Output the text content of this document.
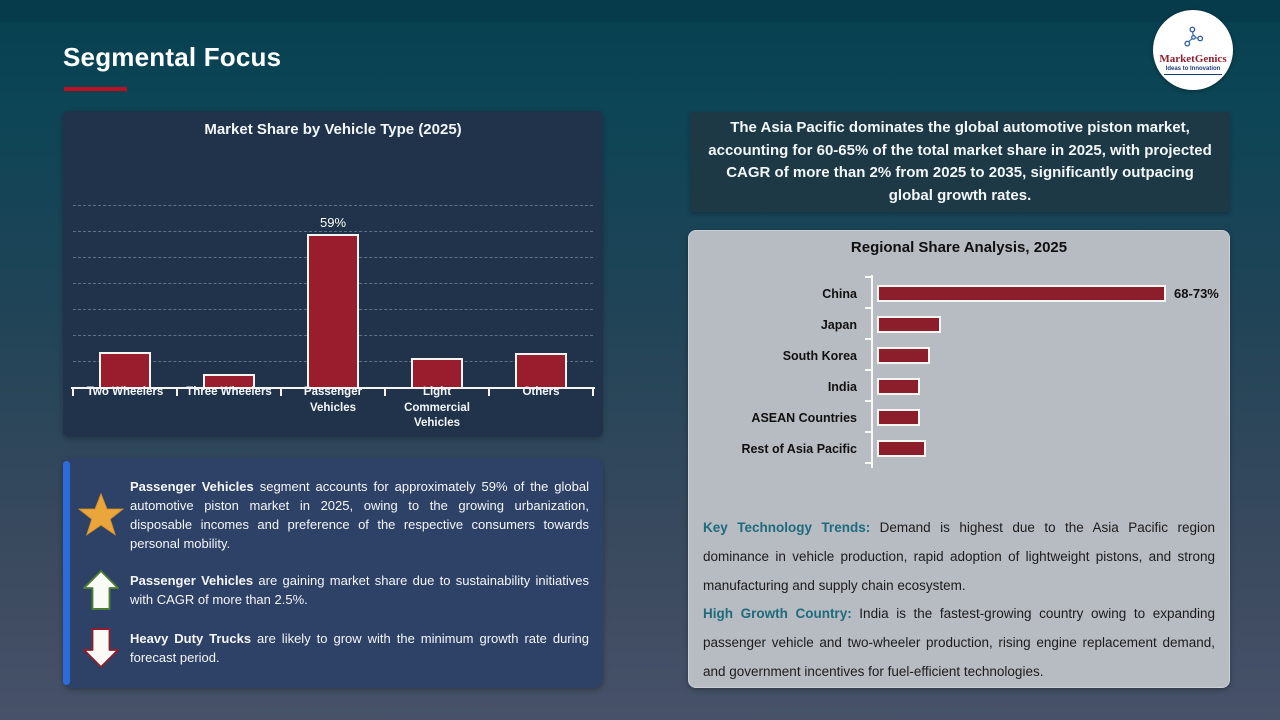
Segmental Focus	MarketGenics
Ideas to Innovation
Market Share by Vehicle Type (2025)
59%
Two Wheelers	Three Wheelers	Passenger Vehicles
Light Commercial Vehicles
Others
Passenger Vehicles segment accounts for approximately 59% of the global automotive piston market in 2025, owing to the growing urbanization, disposable incomes and preference of the respective consumers towards personal mobility.
Passenger Vehicles are gaining market share due to sustainability initiatives with CAGR of more than 2.5%.
Heavy Duty Trucks are likely to grow with the minimum growth rate during forecast period.

The Asia Pacific dominates the global automotive piston market, accounting for 60-65% of the total market share in 2025, with projected CAGR of more than 2% from 2025 to 2035, significantly outpacing global growth rates.

Regional Share Analysis, 2025
China	68-73%
Japan
South Korea
India
ASEAN Countries
Rest of Asia Pacific

Key Technology Trends: Demand is highest due to the Asia Pacific region dominance in vehicle production, rapid adoption of lightweight pistons, and strong manufacturing and supply chain ecosystem.

High Growth Country: India is the fastest-growing country owing to expanding passenger vehicle and two-wheeler production, rising engine replacement demand, and government incentives for fuel-efficient technologies.
